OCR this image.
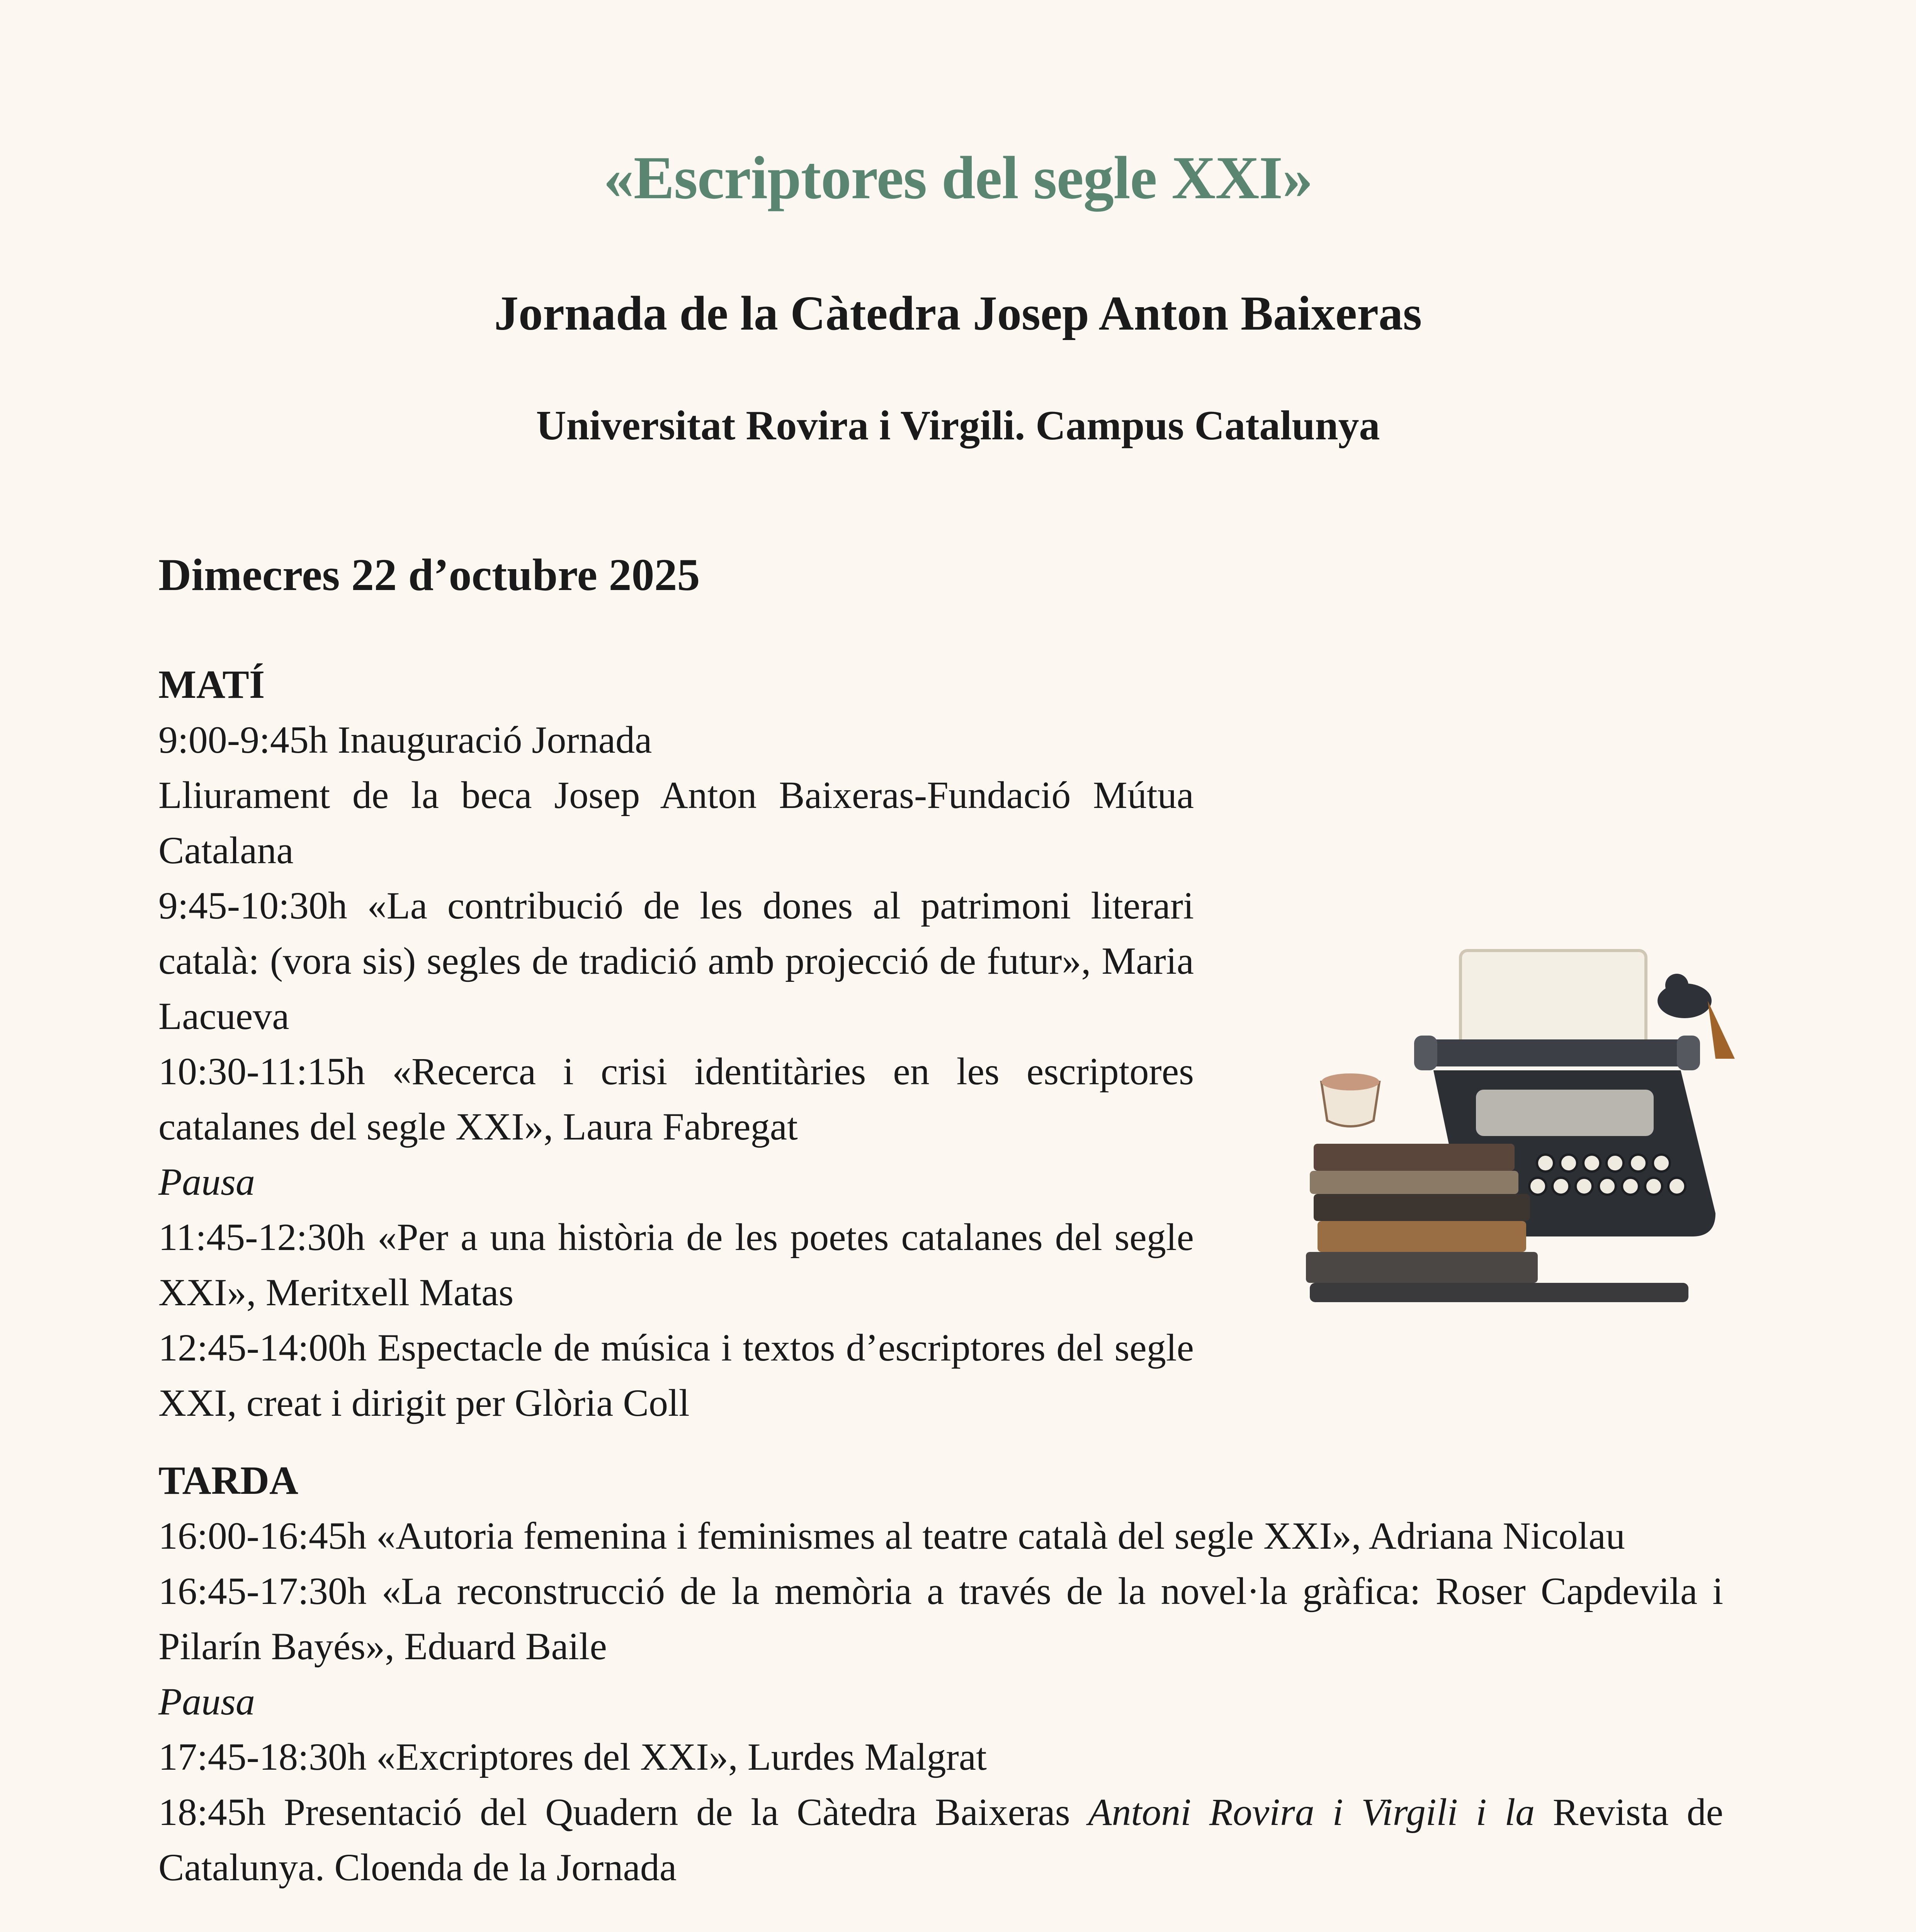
«Escriptores del segle XXI»
Jornada de la Càtedra Josep Anton Baixeras
Universitat Rovira i Virgili. Campus Catalunya
Dimecres 22 d’octubre 2025
MATÍ
9:00-9:45h Inauguració Jornada
Lliurament de la beca Josep Anton Baixeras-Fundació Mútua Catalana
9:45-10:30h «La contribució de les dones al patrimoni literari català: (vora sis) segles de tradició amb projecció de futur», Maria Lacueva
10:30-11:15h «Recerca i crisi identitàries en les escriptores catalanes del segle XXI», Laura Fabregat
Pausa
11:45-12:30h «Per a una història de les poetes catalanes del segle XXI», Meritxell Matas
12:45-14:00h Espectacle de música i textos d’escriptores del segle XXI, creat i dirigit per Glòria Coll
TARDA
16:00-16:45h «Autoria femenina i feminismes al teatre català del segle XXI», Adriana Nicolau
16:45-17:30h «La reconstrucció de la memòria a través de la novel·la gràfica: Roser Capdevila i Pilarín Bayés», Eduard Baile
Pausa
17:45-18:30h «Excriptores del XXI», Lurdes Malgrat
18:45h Presentació del Quadern de la Càtedra Baixeras Antoni Rovira i Virgili i la Revista de Catalunya. Cloenda de la Jornada
